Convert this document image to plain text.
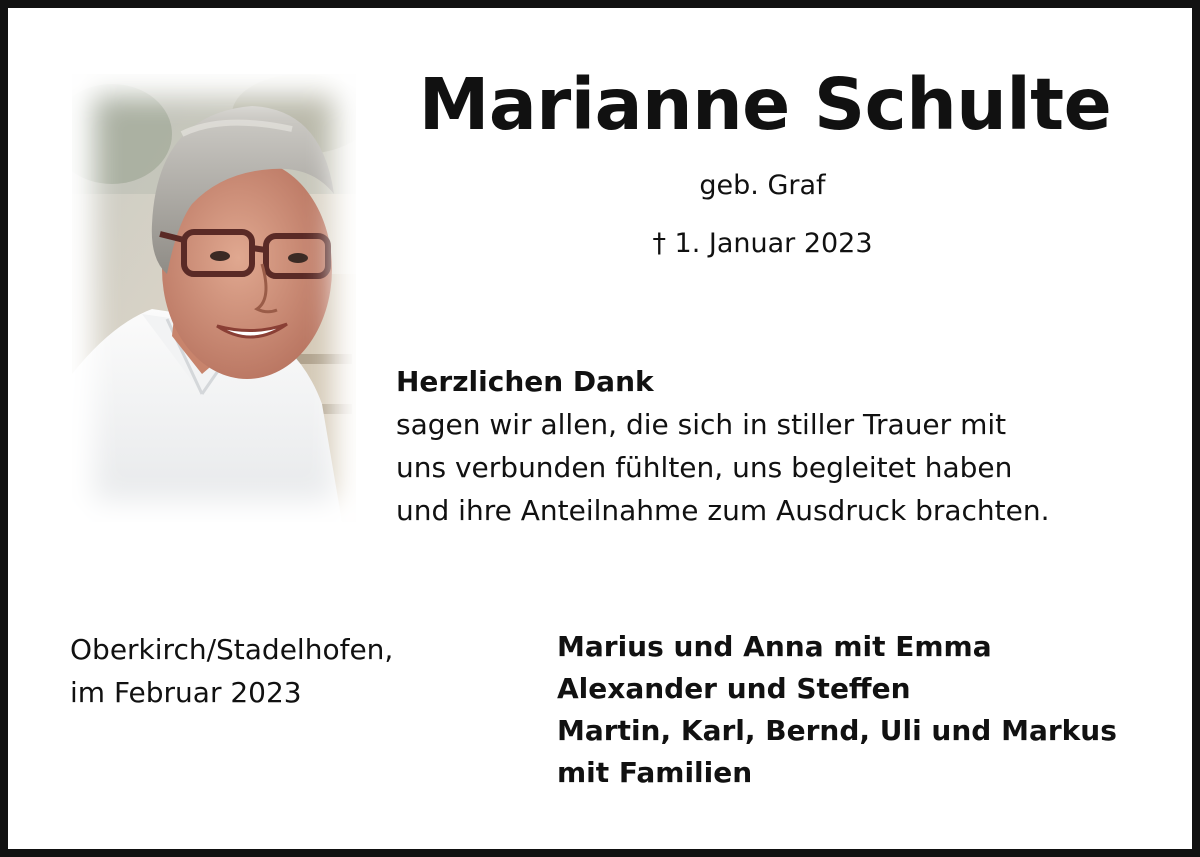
Marianne Schulte
geb. Graf
† 1. Januar 2023
Herzlichen Dank
sagen wir allen, die sich in stiller Trauer mit
uns verbunden fühlten, uns begleitet haben
und ihre Anteilnahme zum Ausdruck brachten.
Oberkirch/Stadelhofen,
im Februar 2023
Marius und Anna mit Emma
Alexander und Steffen
Martin, Karl, Bernd, Uli und Markus
mit Familien
